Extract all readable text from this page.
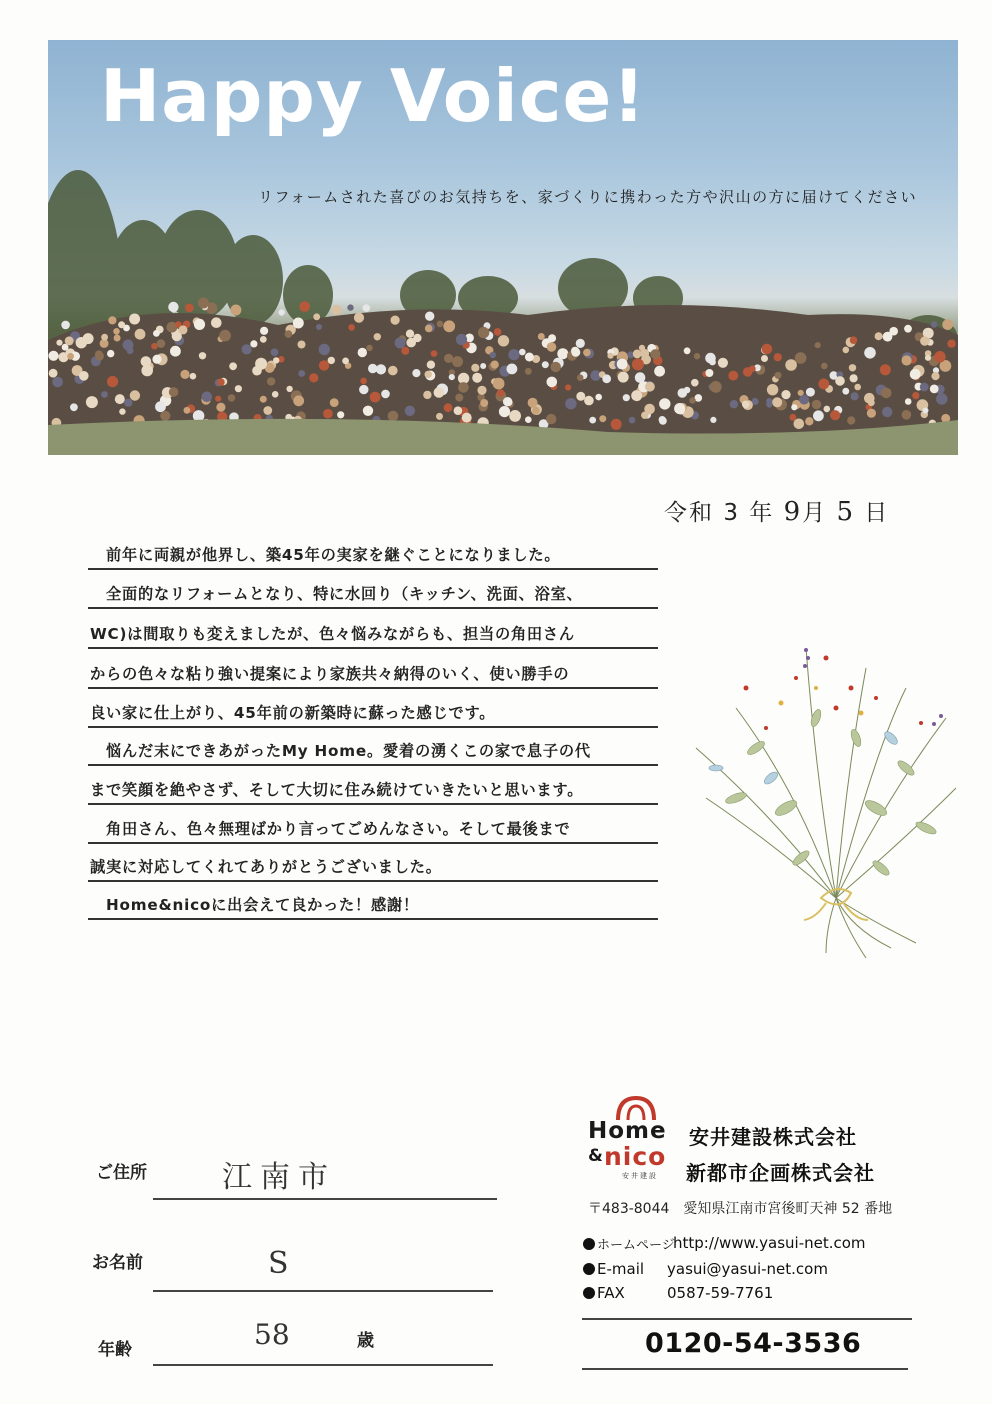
Happy Voice!
リフォームされた喜びのお気持ちを、家づくりに携わった方や沢山の方に届けてください
令和 3 年 9月 5 日
　前年に両親が他界し、築45年の実家を継ぐことになりました。
　全面的なリフォームとなり、特に水回り（キッチン、洗面、浴室、
WC)は間取りも変えましたが、色々悩みながらも、担当の角田さん
からの色々な粘り強い提案により家族共々納得のいく、使い勝手の
良い家に仕上がり、45年前の新築時に蘇った感じです。
　悩んだ末にできあがったMy Home。愛着の湧くこの家で息子の代
まで笑顔を絶やさず、そして大切に住み続けていきたいと思います。
　角田さん、色々無理ばかり言ってごめんなさい。そして最後まで
誠実に対応してくれてありがとうございました。
　Home&nicoに出会えて良かった！感謝！
ご住所	江南市
お名前	S
年齢	58	歳
Home
& nico
安井建設
安井建設株式会社
新都市企画株式会社
〒483-8044　愛知県江南市宮後町天神 52 番地
ホームページ
http://www.yasui-net.com
E-mail yasui@yasui-net.com
FAX	0587-59-7761
0120-54-3536
